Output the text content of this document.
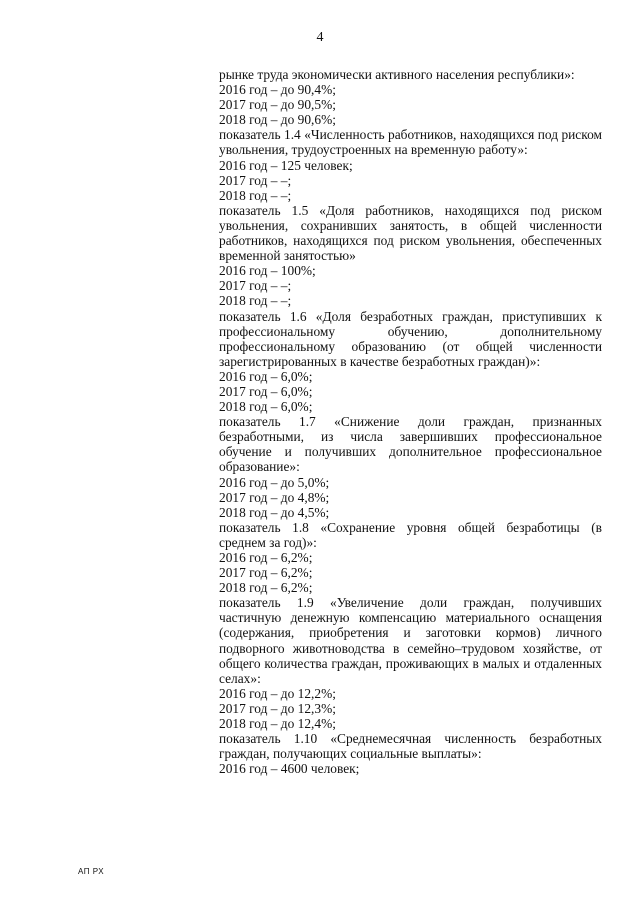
4
рынке труда экономически активного населения республики»:
2016 год – до 90,4%;
2017 год – до 90,5%;
2018 год – до 90,6%;
показатель 1.4 «Численность работников, находящихся под риском увольнения, трудоустроенных на временную работу»:
2016 год – 125 человек;
2017 год – –;
2018 год – –;
показатель 1.5 «Доля работников, находящихся под риском увольнения, сохранивших занятость, в общей численности работников, находящихся под риском увольнения, обеспеченных временной занятостью»
2016 год – 100%;
2017 год – –;
2018 год – –;
показатель 1.6 «Доля безработных граждан, приступивших к профессиональному обучению, дополнительному профессиональному образованию (от общей численности зарегистрированных в качестве безработных граждан)»:
2016 год – 6,0%;
2017 год – 6,0%;
2018 год – 6,0%;
показатель 1.7 «Снижение доли граждан, признанных безработными, из числа завершивших профессиональное обучение и получивших дополнительное профессиональное образование»:
2016 год – до 5,0%;
2017 год – до 4,8%;
2018 год – до 4,5%;
показатель 1.8 «Сохранение уровня общей безработицы (в среднем за год)»:
2016 год – 6,2%;
2017 год – 6,2%;
2018 год – 6,2%;
показатель 1.9 «Увеличение доли граждан, получивших частичную денежную компенсацию материального оснащения (содержания, приобретения и заготовки кормов) личного подворного животноводства в семейно–трудовом хозяйстве, от общего количества граждан, проживающих в малых и отдаленных селах»:
2016 год – до 12,2%;
2017 год – до 12,3%;
2018 год – до 12,4%;
показатель 1.10 «Среднемесячная численность безработных граждан, получающих социальные выплаты»:
2016 год – 4600 человек;
АП РХ
